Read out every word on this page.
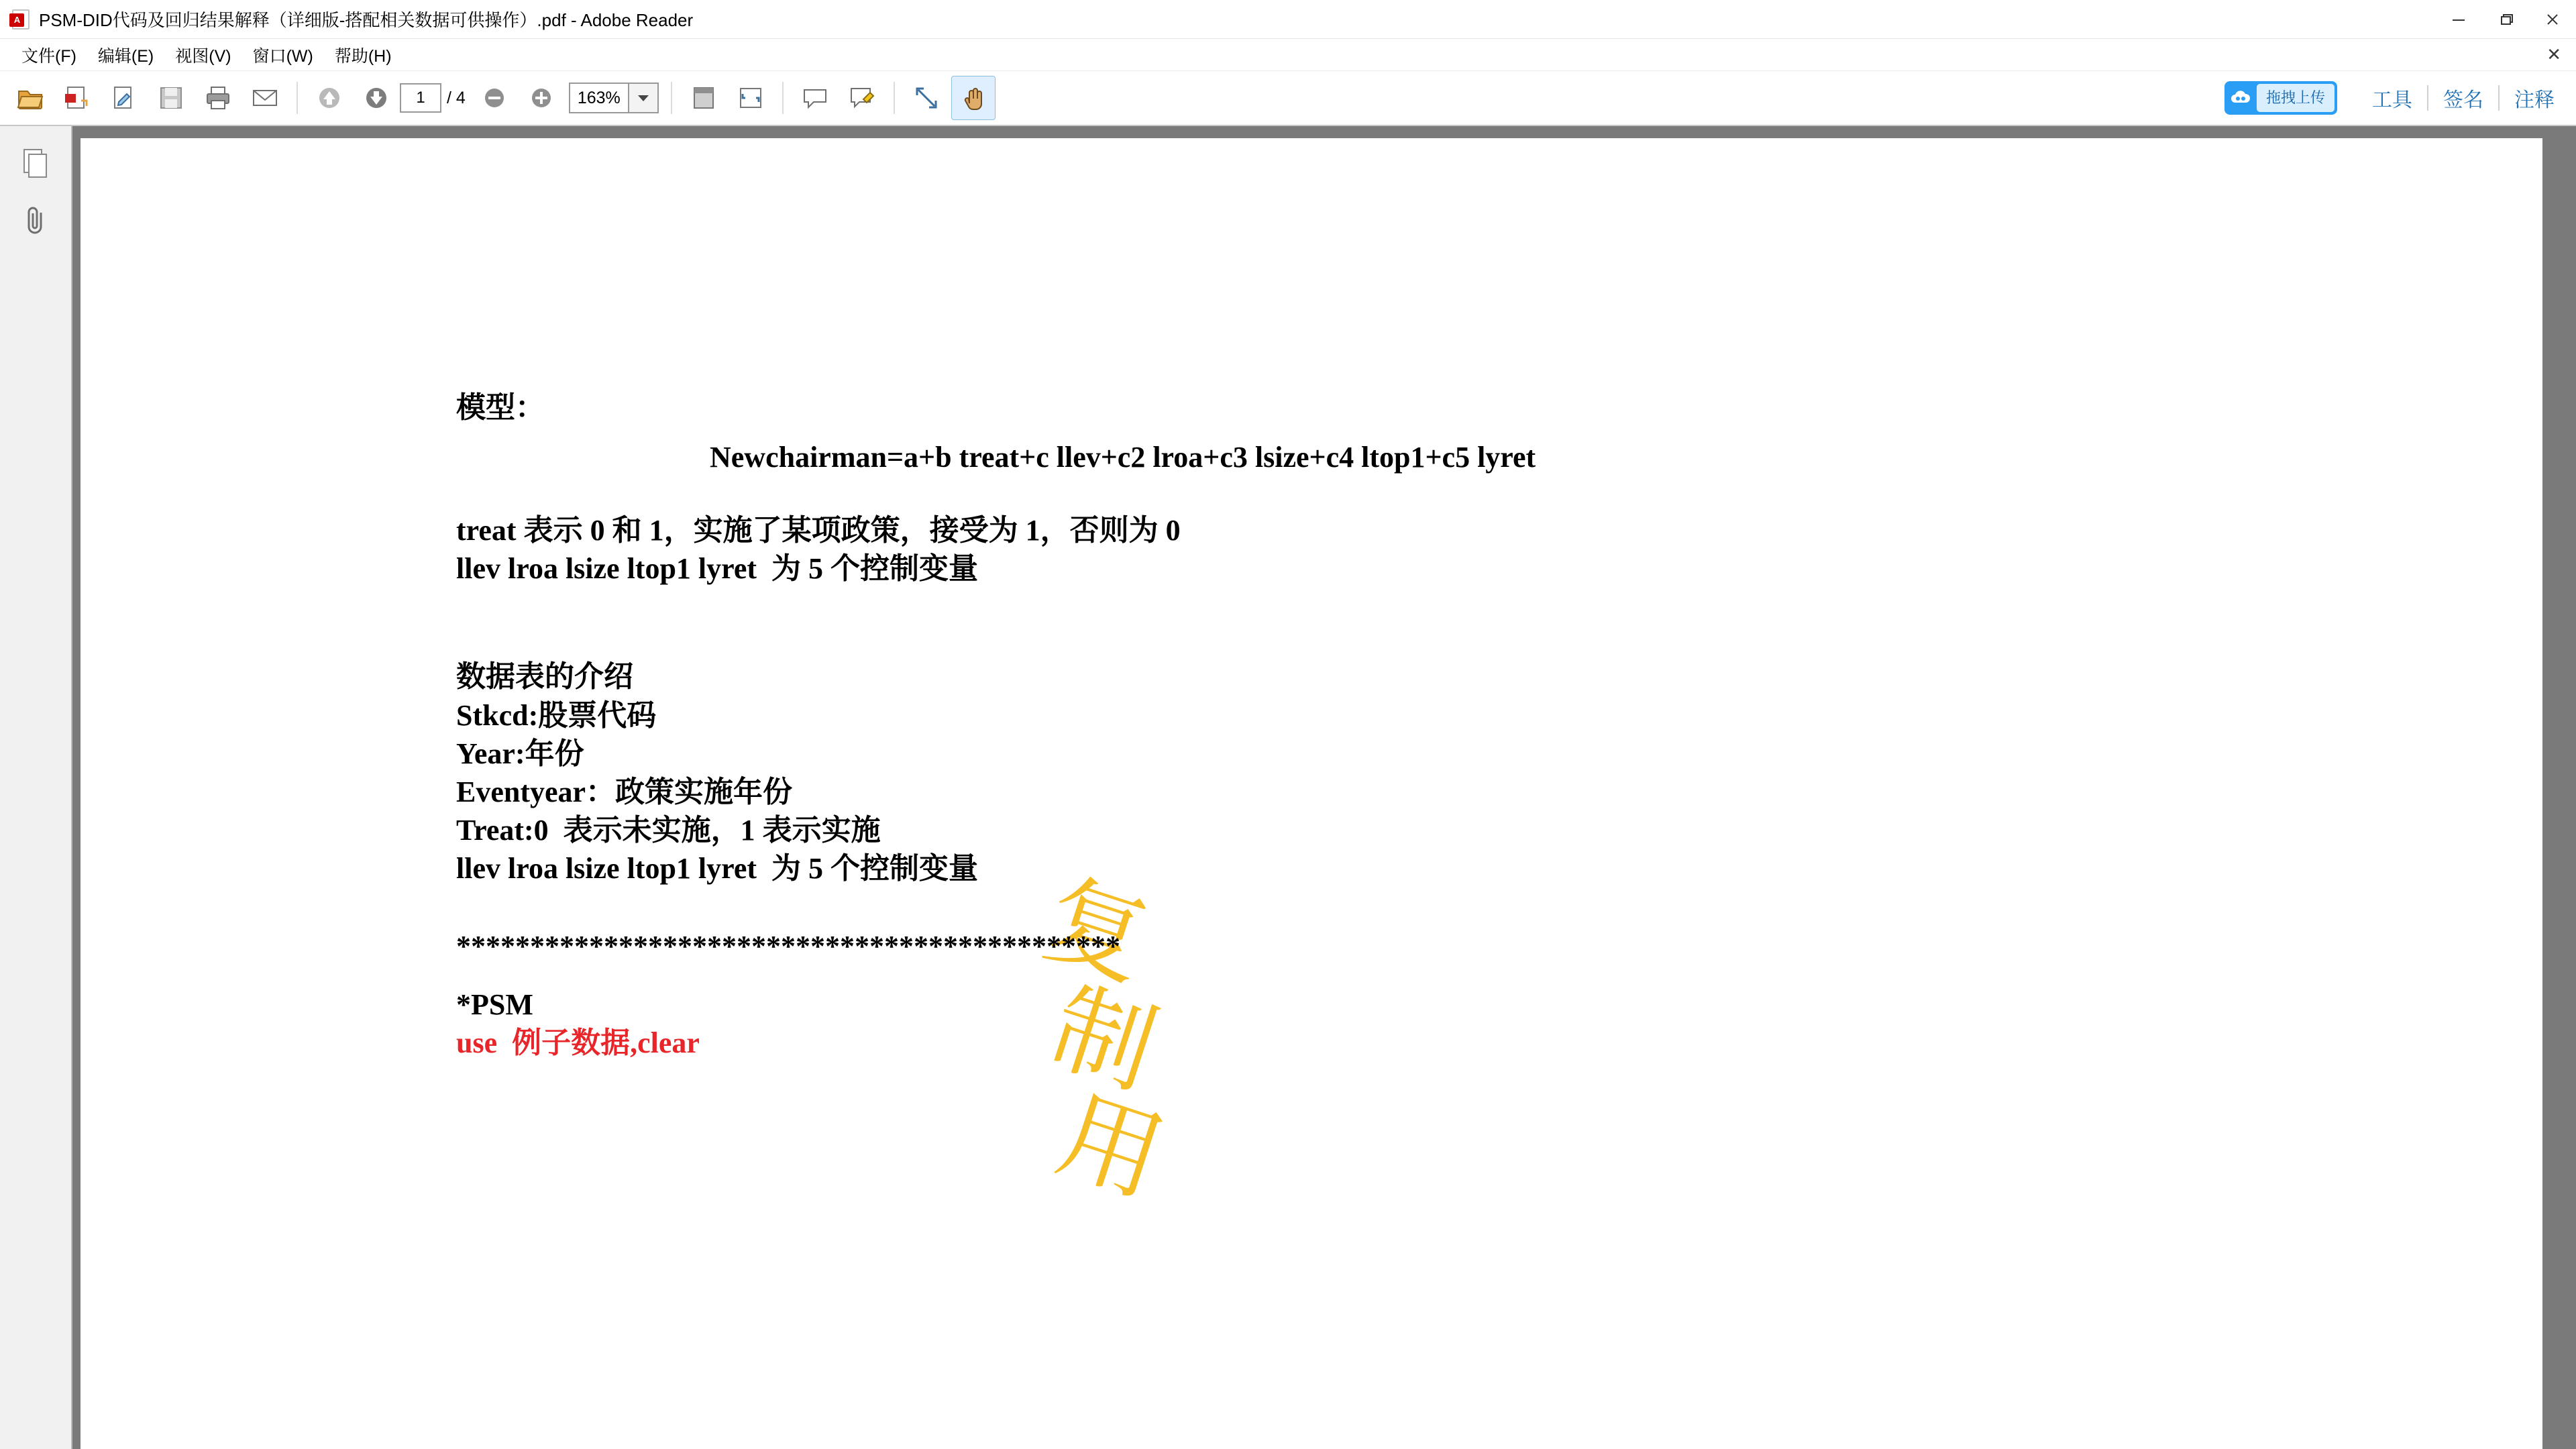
A PSM-DID代码及回归结果解释（详细版-搭配相关数据可供操作）.pdf - Adobe Reader
文件(F)	编辑(E)	视图(V)	窗口(W)	帮助(H)	✕
1	/ 4	163%	拖拽上传	工具	签名	注释
复
制
用

模型：

Newchairman=a+b treat+c llev+c2 lroa+c3 lsize+c4 ltop1+c5 lyret

treat 表示 0 和 1，实施了某项政策，接受为 1，否则为 0

llev lroa lsize ltop1 lyret  为 5 个控制变量

数据表的介绍

Stkcd:股票代码

Year:年份

Eventyear：政策实施年份

Treat:0  表示未实施，1 表示实施

llev lroa lsize ltop1 lyret  为 5 个控制变量

*********************************************

*PSM

use  例子数据,clear
